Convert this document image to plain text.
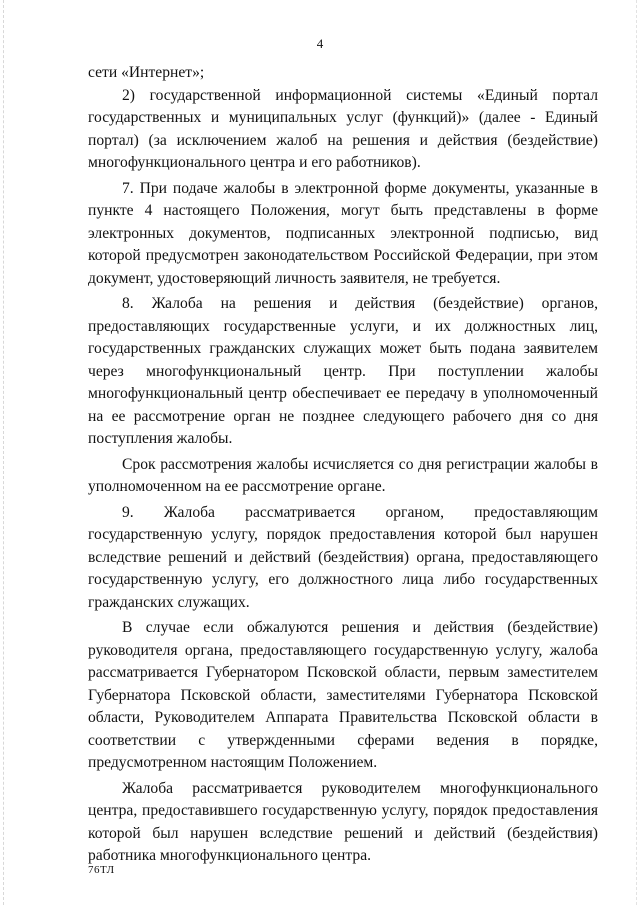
4

сети «Интернет»;

2) государственной информационной системы «Единый портал государственных и муниципальных услуг (функций)» (далее - Единый портал) (за исключением жалоб на решения и действия (бездействие) многофункционального центра и его работников).

7. При подаче жалобы в электронной форме документы, указанные в пункте 4 настоящего Положения, могут быть представлены в форме электронных документов, подписанных электронной подписью, вид которой предусмотрен законодательством Российской Федерации, при этом документ, удостоверяющий личность заявителя, не требуется.

8. Жалоба на решения и действия (бездействие) органов, предоставляющих государственные услуги, и их должностных лиц, государственных гражданских служащих может быть подана заявителем через многофункциональный центр. При поступлении жалобы многофункциональный центр обеспечивает ее передачу в уполномоченный на ее рассмотрение орган не позднее следующего рабочего дня со дня поступления жалобы.

Срок рассмотрения жалобы исчисляется со дня регистрации жалобы в уполномоченном на ее рассмотрение органе.

9. Жалоба рассматривается органом, предоставляющим государственную услугу, порядок предоставления которой был нарушен вследствие решений и действий (бездействия) органа, предоставляющего государственную услугу, его должностного лица либо государственных гражданских служащих.

В случае если обжалуются решения и действия (бездействие) руководителя органа, предоставляющего государственную услугу, жалоба рассматривается Губернатором Псковской области, первым заместителем Губернатора Псковской области, заместителями Губернатора Псковской области, Руководителем Аппарата Правительства Псковской области в соответствии с утвержденными сферами ведения в порядке, предусмотренном настоящим Положением.

Жалоба рассматривается руководителем многофункционального центра, предоставившего государственную услугу, порядок предоставления которой был нарушен вследствие решений и действий (бездействия) работника многофункционального центра.

76ТЛ
